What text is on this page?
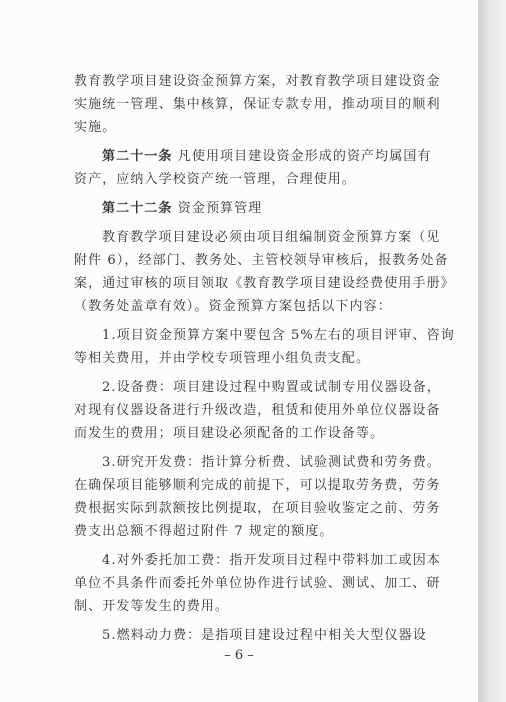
教育教学项目建设资金预算方案，对教育教学项目建设资金
实施统一管理、集中核算，保证专款专用，推动项目的顺利
实施。
第二十一条 凡使用项目建设资金形成的资产均属国有
资产，应纳入学校资产统一管理，合理使用。
第二十二条 资金预算管理
教育教学项目建设必须由项目组编制资金预算方案（见
附件 6），经部门、教务处、主管校领导审核后，报教务处备
案，通过审核的项目领取《教育教学项目建设经费使用手册》
（教务处盖章有效）。资金预算方案包括以下内容：
1.项目资金预算方案中要包含 5%左右的项目评审、咨询
等相关费用，并由学校专项管理小组负责支配。
2.设备费：项目建设过程中购置或试制专用仪器设备，
对现有仪器设备进行升级改造，租赁和使用外单位仪器设备
而发生的费用；项目建设必须配备的工作设备等。
3.研究开发费：指计算分析费、试验测试费和劳务费。
在确保项目能够顺利完成的前提下，可以提取劳务费，劳务
费根据实际到款额按比例提取，在项目验收鉴定之前、劳务
费支出总额不得超过附件 7 规定的额度。
4.对外委托加工费：指开发项目过程中带料加工或因本
单位不具条件而委托外单位协作进行试验、测试、加工、研
制、开发等发生的费用。
5.燃料动力费：是指项目建设过程中相关大型仪器设
– 6 –
